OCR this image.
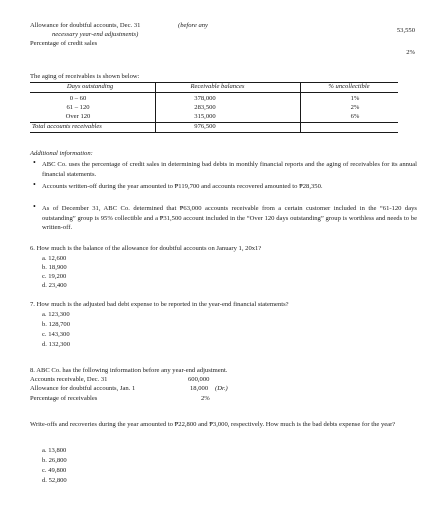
Allowance for doubtful accounts, Dec. 31	(before any
necessary year-end adjustments)
53,550
Percentage of credit sales
2%
The aging of receivables is shown below:
Days outstanding	Receivable balances	% uncollectible
0 – 60	378,000	1%
61 – 120	283,500	2%
Over 120	315,000	6%
Total accounts receivables	976,500
Additional information:
• ABC Co. uses the percentage of credit sales in determining bad debts in monthly financial reports and the aging of receivables for its annual financial statements.
• Accounts written-off during the year amounted to ₱119,700 and accounts recovered amounted to ₱28,350.
• As of December 31, ABC Co. determined that ₱63,000 accounts receivable from a certain customer included in the “61-120 days outstanding” group is 95% collectible and a ₱31,500 account included in the “Over 120 days outstanding” group is worthless and needs to be written-off.
6. How much is the balance of the allowance for doubtful accounts on January 1, 20x1?
a. 12,600
b. 18,900
c. 19,200
d. 23,400
7. How much is the adjusted bad debt expense to be reported in the year-end financial statements?
a. 123,300
b. 128,700
c. 143,300
d. 132,300
8. ABC Co. has the following information before any year-end adjustment.
Accounts receivable, Dec. 31	600,000
Allowance for doubtful accounts, Jan. 1	18,000 (Dr.)
Percentage of receivables	2%
Write-offs and recoveries during the year amounted to ₱22,800 and ₱3,000, respectively. How much is the bad debts expense for the year?
a. 13,800
b. 26,800
c. 49,800
d. 52,800
